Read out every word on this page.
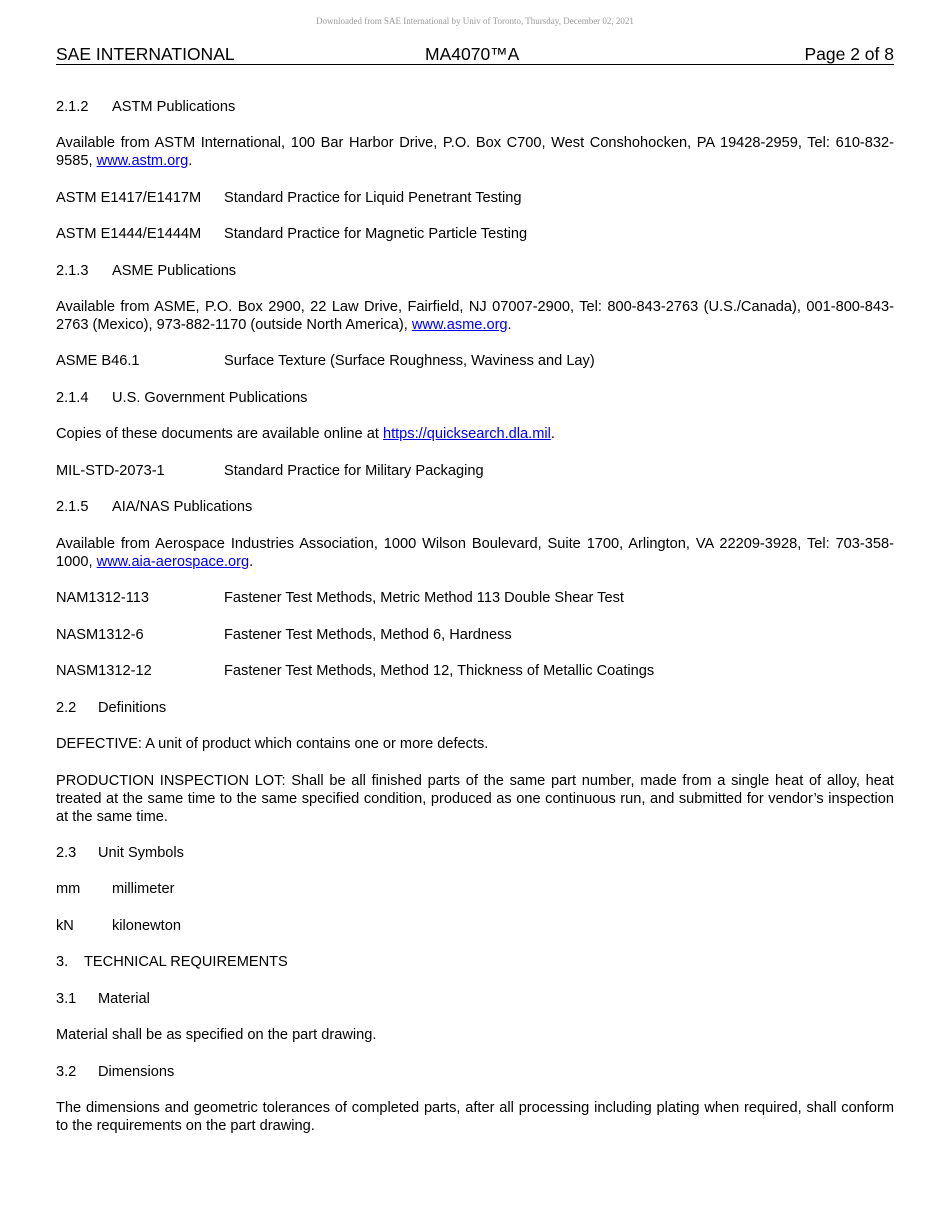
Downloaded from SAE International by Univ of Toronto, Thursday, December 02, 2021
SAE INTERNATIONAL	MA4070™A	Page 2 of 8
2.1.2 ASTM Publications
Available from ASTM International, 100 Bar Harbor Drive, P.O. Box C700, West Conshohocken, PA 19428-2959, Tel: 610-832-9585, www.astm.org.
ASTM E1417/E1417M Standard Practice for Liquid Penetrant Testing
ASTM E1444/E1444M Standard Practice for Magnetic Particle Testing
2.1.3 ASME Publications
Available from ASME, P.O. Box 2900, 22 Law Drive, Fairfield, NJ 07007-2900, Tel: 800-843-2763 (U.S./Canada), 001-800-843-2763 (Mexico), 973-882-1170 (outside North America), www.asme.org.
ASME B46.1	Surface Texture (Surface Roughness, Waviness and Lay)
2.1.4 U.S. Government Publications
Copies of these documents are available online at https://quicksearch.dla.mil.
MIL-STD-2073-1	Standard Practice for Military Packaging
2.1.5 AIA/NAS Publications
Available from Aerospace Industries Association, 1000 Wilson Boulevard, Suite 1700, Arlington, VA 22209-3928, Tel: 703-358-1000, www.aia-aerospace.org.
NAM1312-113	Fastener Test Methods, Metric Method 113 Double Shear Test
NASM1312-6	Fastener Test Methods, Method 6, Hardness
NASM1312-12	Fastener Test Methods, Method 12, Thickness of Metallic Coatings
2.2 Definitions
DEFECTIVE: A unit of product which contains one or more defects.
PRODUCTION INSPECTION LOT: Shall be all finished parts of the same part number, made from a single heat of alloy, heat treated at the same time to the same specified condition, produced as one continuous run, and submitted for vendor’s inspection at the same time.
2.3 Unit Symbols
mm millimeter
kN	kilonewton
3. TECHNICAL REQUIREMENTS
3.1 Material
Material shall be as specified on the part drawing.
3.2 Dimensions
The dimensions and geometric tolerances of completed parts, after all processing including plating when required, shall conform to the requirements on the part drawing.
